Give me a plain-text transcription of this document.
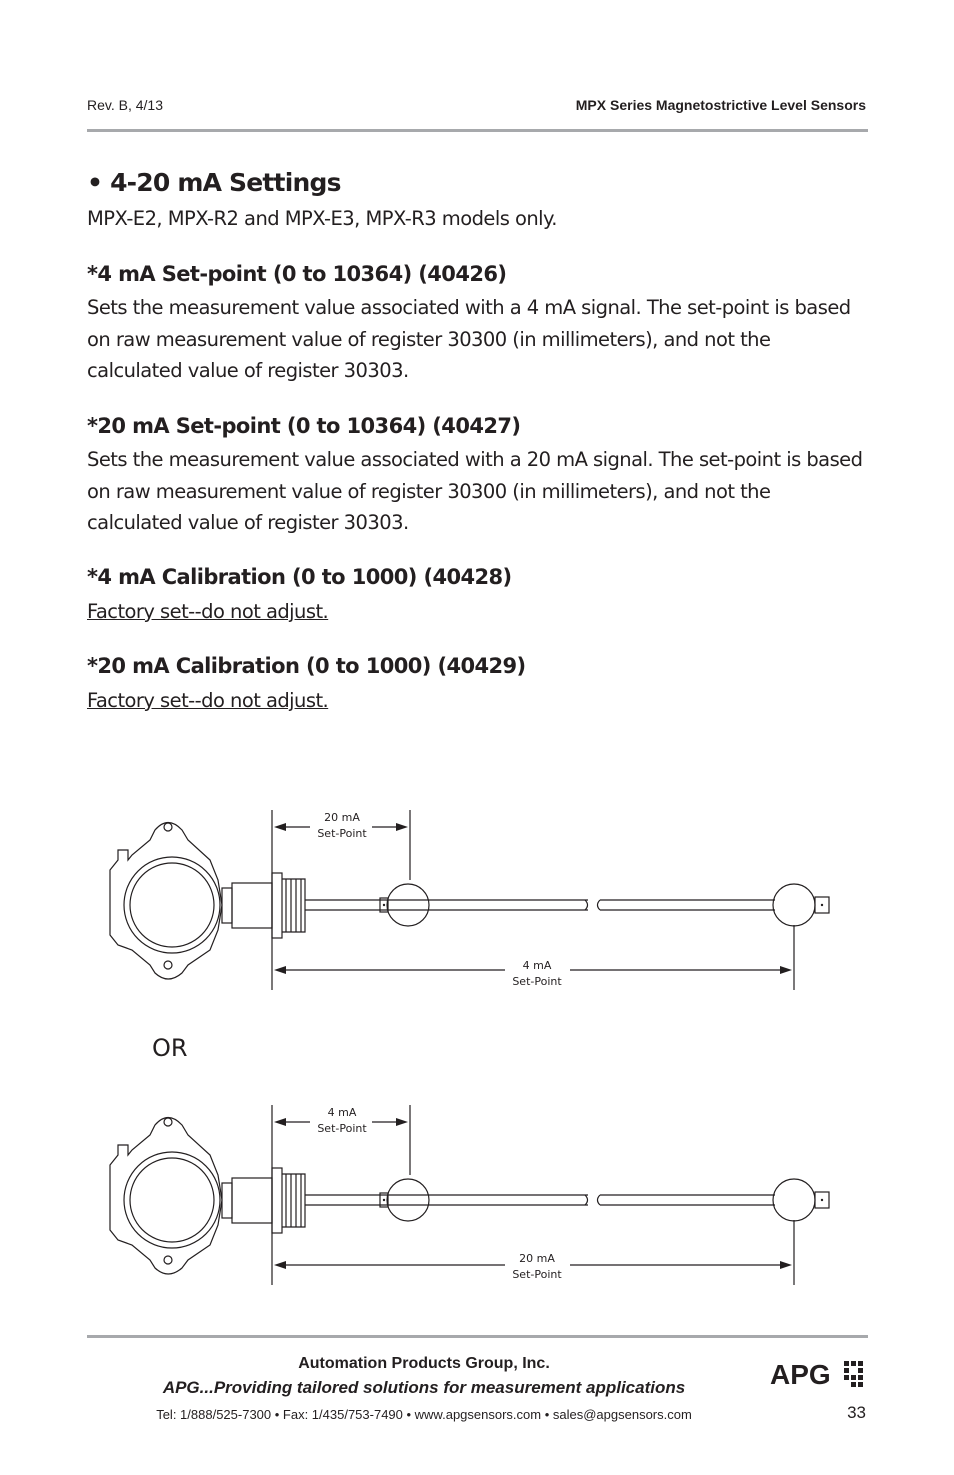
Rev. B, 4/13	MPX Series Magnetostrictive Level Sensors
• 4-20 mA Settings
MPX-E2, MPX-R2 and MPX-E3, MPX-R3 models only.
*4 mA Set-point (0 to 10364) (40426)
Sets the measurement value associated with a 4 mA signal. The set-point is based on raw measurement value of register 30300 (in millimeters), and not the calculated value of register 30303.
*20 mA Set-point (0 to 10364) (40427)
Sets the measurement value associated with a 20 mA signal. The set-point is based on raw measurement value of register 30300 (in millimeters), and not the calculated value of register 30303.
*4 mA Calibration (0 to 1000) (40428)
Factory set--do not adjust.
*20 mA Calibration (0 to 1000) (40429)
Factory set--do not adjust.
20 mA
Set-Point
4 mA
Set-Point
OR
4 mA
Set-Point
20 mA
Set-Point
Automation Products Group, Inc.
APG...Providing tailored solutions for measurement applications
Tel: 1/888/525-7300 • Fax: 1/435/753-7490 • www.apgsensors.com • sales@apgsensors.com
APG
33
